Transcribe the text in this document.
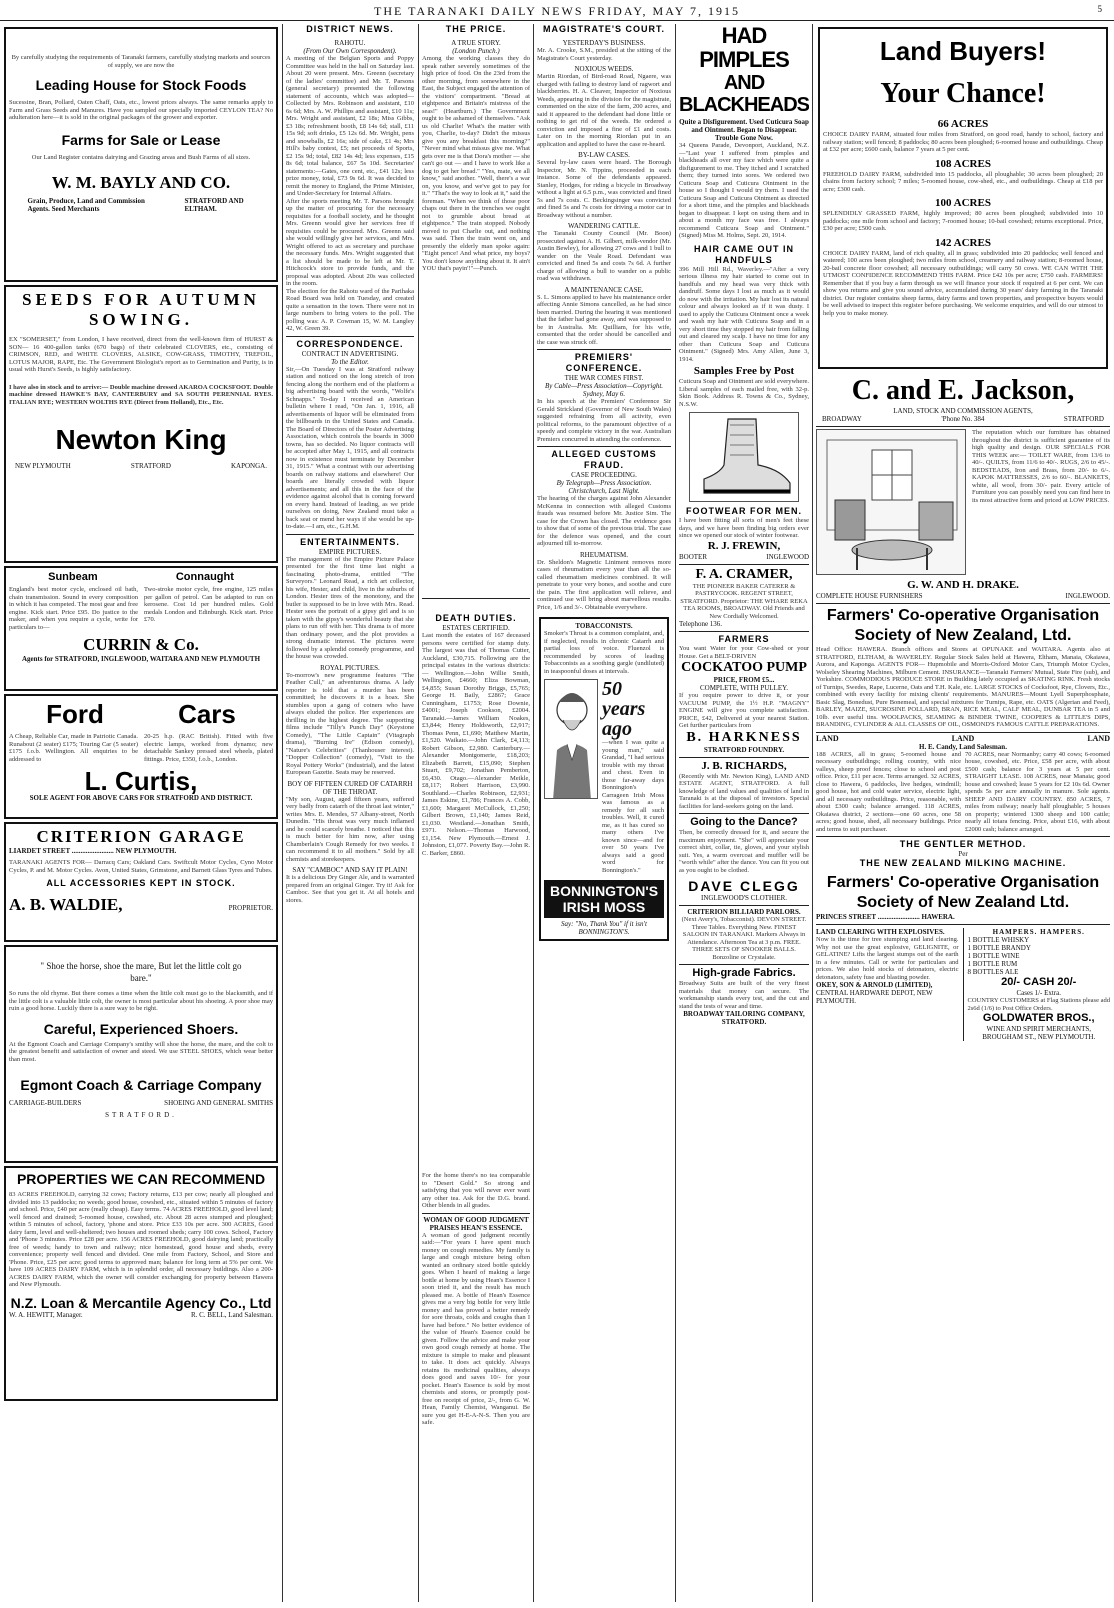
THE TARANAKI DAILY NEWS FRIDAY, MAY 7, 1915	5

By carefully studying the requirements of Taranaki farmers, carefully studying markets and sources of supply, we are now the

Leading House for Stock Foods

Sucessine, Bran, Pollard, Oaten Chaff, Oats, etc., lowest prices always. The same remarks apply to Farm and Grass Seeds and Manures. Have you sampled our specially imported CEYLON TEA? No adulteration here—it is sold in the original packages of the grower and exporter.

Farms for Sale or Lease

Our Land Register contains dairying and Grazing areas and Bush Farms of all sizes.

W. M. BAYLY AND CO.
Grain, Produce, Land and Commission Agents. Seed Merchants
STRATFORD AND ELTHAM.
SEEDS FOR AUTUMN SOWING.

EX "SOMERSET," from London, I have received, direct from the well-known firm of HURST & SON— 16 400-gallon tanks (670 bags) of their celebrated CLOVERS, etc., consisting of CRIMSON, RED, and WHITE CLOVERS, ALSIKE, COW-GRASS, TIMOTHY, TREFOIL, LOTUS MAJOR, RAPE, Etc. The Government Biologist's report as to Germination and Purity, is in usual with Hurst's Seeds, is highly satisfactory.

I have also in stock and to arrive:— Double machine dressed AKAROA COCKSFOOT. Double machine dressed HAWKE'S BAY, CANTERBURY and SA SOUTH PERENNIAL RYES. ITALIAN RYE; WESTERN WOLTHS RYE (Direct from Holland), Etc., Etc.

Newton King
NEW PLYMOUTH	STRATFORD	KAPONGA.
Sunbeam	Connaught

England's best motor cycle, enclosed oil bath, chain transmission. Sound in every composition in which it has competed. The most gear and free engine. Kick start. Price £95. Do justice to the maker, and when you require a cycle, write for particulars to—

Two-stroke motor cycle, free engine, 125 miles per gallon of petrol. Can be adapted to run on kerosene. Cost 1d per hundred miles. Gold medals London and Edinburgh. Kick start. Price £70.

CURRIN & Co.
Agents for STRATFORD, INGLEWOOD, WAITARA AND NEW PLYMOUTH
Ford	Cars

A Cheap, Reliable Car, made in Patriotic Canada. Runabout (2 seater) £175; Touring Car (5 seater) £175 f.o.b. Wellington. All enquiries to be addressed to

20-25 h.p. (RAC British). Fitted with five electric lamps, worked from dynamo; new detachable Sankey pressed steel wheels, plated fittings. Price, £350, f.o.b., London.

L. Curtis,
SOLE AGENT FOR ABOVE CARS FOR STRATFORD AND DISTRICT.
CRITERION GARAGE
LIARDET STREET ........................ NEW PLYMOUTH.

TARANAKI AGENTS FOR— Darracq Cars; Oakland Cars. Swiftcult Motor Cycles, Cyno Motor Cycles, P. and M. Motor Cycles. Avon, United States, Grimstone, and Barnett Glass Tyres and Tubes.

ALL ACCESSORIES KEPT IN STOCK.
A. B. WALDIE,	PROPRIETOR.
" Shoe the horse, shoe the mare, But let the little colt go bare."

So runs the old rhyme. But there comes a time when the little colt must go to the blacksmith, and if the little colt is a valuable little colt, the owner is most particular about his shoeing. A poor shoe may ruin a good horse. Luckily there is a sure way to be right.

Careful, Experienced Shoers.

At the Egmont Coach and Carriage Company's smithy will shoe the horse, the mare, and the colt to the greatest benefit and satisfaction of owner and steed. We use STEEL SHOES, which wear better than most.

Egmont Coach & Carriage Company
CARRIAGE-BUILDERS	SHOEING AND GENERAL SMITHS
STRATFORD.
PROPERTIES WE CAN RECOMMEND

83 ACRES FREEHOLD, carrying 32 cows; Factory returns, £13 per cow; nearly all ploughed and divided into 13 paddocks; no weeds; good house, cowshed, etc., situated within 5 minutes of factory and school. Price, £40 per acre (really cheap). Easy terms. 74 ACRES FREEHOLD, good level land; well fenced and drained; 5-roomed house, cowshed, etc. About 28 acres stumped and ploughed; within 5 minutes of school, factory, 'phone and store. Price £33 10s per acre. 300 ACRES, Good dairy farm, level and well-sheltered; two houses and roomed sheds; carry 100 cows. School, Factory and 'Phone 3 minutes. Price £28 per acre. 156 ACRES FREEHOLD, good dairying land; practically free of weeds; handy to town and railway; nice homestead, good house and sheds, every convenience; property well fenced and divided. One mile from Factory, School, and Store and 'Phone. Price, £25 per acre; good terms to approved man; balance for long term at 5% per cent. We have 109 ACRES DAIRY FARM, which is in splendid order, all necessary buildings. Also a 200-ACRES DAIRY FARM, which the owner will consider exchanging for property between Hawera and New Plymouth.

N.Z. Loan & Mercantile Agency Co., Ltd
W. A. HEWITT, Manager.	R. C. BELL, Land Salesman.
DISTRICT NEWS.
RAHOTU.
(From Our Own Correspondent).

A meeting of the Belgian Sports and Poppy Committee was held in the hall on Saturday last. About 20 were present. Mrs. Greenn (secretary of the ladies' committee) and Mr. T. Parsons (general secretary) presented the following statement of accounts, which was adopted—Collected by Mrs. Robinson and assistant, £10 6s 6d; Mrs. A. W. Phillips and assistant, £10 11s; Mrs. Wright and assistant, £2 18s; Miss Gibbs, £3 18s; refreshment booth, £8 14s 6d; stall, £11 15s 9d; soft drinks, £5 12s 6d. Mr. Wright, pens and snowballs, £2 16s; side of cake, £1 4s; Mrs Hill's baby contest, £5; net proceeds of Sports, £2 15s 9d; total, £82 14s 4d; less expenses, £15 8s 6d; total balance, £67 5s 10d. Secretaries' statements:—Gates, one cent, etc., £41 12s; less prize money, total, £73 9s 6d. It was decided to remit the money to England, the Prime Minister, and Under-Secretary for Internal Affairs.

After the sports meeting Mr. T. Parsons brought up the matter of procuring for the necessary requisites for a football society, and he thought Mrs. Greenn would give her services free if requisites could be procured. Mrs. Greenn said she would willingly give her services, and Mrs. Wright offered to act as secretary and purchase the necessary funds. Mrs. Wright suggested that a list should be made to be left at Mr. T. Hitchcock's store to provide funds, and the proposal was adopted. About 20s was collected in the room.

The election for the Rahotu ward of the Parihaka Road Board was held on Tuesday, and created quite a sensation in the town. There were not in large numbers to bring voters to the poll. The polling was: A. P. Cowman 15, W. M. Langley 42, W. Green 39.

CORRESPONDENCE.
CONTRACT IN ADVERTISING.
To the Editor.

Sir,—On Tuesday I was at Stratford railway station and noticed on the long stretch of iron fencing along the northern end of the platform a big advertising board with the words, "Wolfe's Schnapps." To-day I received an American bulletin where I read, "On Jan. 1, 1916, all advertisements of liquor will be eliminated from the billboards in the United States and Canada. The Board of Directors of the Poster Advertising Association, which controls the boards in 3000 towns, has so decided. No liquor contracts will be accepted after May 1, 1915, and all contracts now in existence must terminate by December 31, 1915." What a contrast with our advertising boards on railway stations and elsewhere! Our boards are literally crowded with liquor advertisements; and all this in the face of the evidence against alcohol that is coming forward on every hand. Instead of leading, as we pride ourselves on doing, New Zealand must take a back seat or mend her ways if she would be up-to-date.—I am, etc., G.H.M.

ENTERTAINMENTS.
EMPIRE PICTURES.

The management of the Empire Picture Palace presented for the first time last night a fascinating photo-drama, entitled "The Surveyors." Leonard Read, a rich art collector, his wife, Hester, and child, live in the suburbs of London. Hester tires of the monotony, and the butler is supposed to be in love with Mrs. Read. Hester sees the portrait of a gipsy girl and is so taken with the gipsy's wonderful beauty that she plans to run off with her. This drama is of more than ordinary power, and the plot provides a strong dramatic interest. The pictures were followed by a splendid comedy programme, and the house was crowded.

ROYAL PICTURES.

To-morrow's new programme features "The Feather Cull," an adventurous drama. A lady reporter is told that a murder has been committed; he discovers it is a hoax. She stumbles upon a gang of coiners who have always eluded the police. Her experiences are thrilling in the highest degree. The supporting films include "Tilly's Punch Day" (Keystone Comedy), "The Little Captain" (Vitagraph drama), "Burning Ire" (Edison comedy), "Nature's Celebrities" (Thanhouser interest). "Dopper Collection" (comedy), "Visit to the Royal Pottery Works" (industrial), and the latest European Gazette. Seats may be reserved.

BOY OF FIFTEEN CURED OF CATARRH OF THE THROAT.

"My son, August, aged fifteen years, suffered very badly from catarrh of the throat last winter," writes Mrs. E. Mendes, 57 Albany-street, North Dunedin. "His throat was very much inflamed and he could scarcely breathe. I noticed that this is much better for him now, after using Chamberlain's Cough Remedy for two weeks. I can recommend it to all mothers." Sold by all chemists and storekeepers.

SAY "CAMBOC" AND SAY IT PLAIN!

It is a delicious Dry Ginger Ale, and is warranted prepared from an original Ginger. Try it! Ask for Camboc. See that you get it. At all hotels and stores.

THE PRICE.
A TRUE STORY.
(London Punch.)

Among the working classes they do speak rather severely sometimes of the high price of food. On the 23rd from the other morning, from somewhere in the East, the Subject engaged the attention of the visitors' compartment. "Bread at eightpence and Britain's mistress of the seas!" (Heartburn.) The Government ought to be ashamed of themselves. "Ask us old Charlie! What's the matter with you, Charlie, to-day? Didn't the missus give you any breakfast this morning?" "Never mind what missus give me. What gets over me is that Dora's mother — she can't go out — and I have to work like a dog to get her bread." "Yes, mate, we all know," said another. "Well, there's a war on, you know, and we've got to pay for it." "That's the way to look at it," said the foreman. "When we think of those poor chaps out there in the trenches we ought not to grumble about bread at eightpence." The train stopped. Nobody moved to put Charlie out, and nothing was said. Then the train went on, and presently the elderly man spoke again: "Eight pence! And what price, my boys? You don't know anything about it. It ain't YOU that's payin'!"—Punch.

DEATH DUTIES.
ESTATES CERTIFIED.

Last month the estates of 167 deceased persons were certified for stamp duty. The largest was that of Thomas Cutter, Auckland, £30,715. Following are the principal estates in the various districts:— Wellington.—John Willie Smith, Wellington, £4660; Eliza Bowman, £4,855; Susan Dorothy Briggs, £5,765; George H. Baily, £2867; Grace Cunningham, £1753; Rose Downie, £4001; Joseph Cookson, £2004. Taranaki.—James William Noakes, £3,844; Henry Holdsworth, £2,917; Thomas Penn, £1,690; Matthew Martin, £1,520. Waikato.—John Clark, £4,113; Robert Gibson, £2,980. Canterbury.—Alexander Montgomerie, £18,203; Elizabeth Barrett, £15,090; Stephen Stuart, £9,702; Jonathan Pemberton, £6,430. Otago.—Alexander Meikle, £8,117; Robert Harrison, £3,990. Southland.—Charles Robinson, £2,931; James Eskine, £1,786; Frances A. Cobb, £1,600; Margaret McCullock, £1,250; Gilbert Brown, £1,140; James Reid, £1,030. Westland.—Jonathan Smith, £971. Nelson.—Thomas Harwood, £1,154. New Plymouth.—Ernest J. Johnston, £1,077. Poverty Bay.—John R. C. Barker, £860.

For the home there's no tea comparable to "Desert Gold." So strong and satisfying that you will never ever want any other tea. Ask for the D.G. brand. Other blends in all grades.

WOMAN OF GOOD JUDGMENT PRAISES HEAN'S ESSENCE.

A woman of good judgment recently said:—"For years I have spent much money on cough remedies. My family is large and cough mixture being often wanted an ordinary sized bottle quickly goes. When I heard of making a large bottle at home by using Hean's Essence I soon tried it, and the result has much pleased me. A bottle of Hean's Essence gives me a very big bottle for very little money and has proved a better remedy for sore throats, colds and coughs than I have had before." No better evidence of the value of Hean's Essence could be given. Follow the advice and make your own good cough remedy at home. The mixture is simple to make and pleasant to take. It does act quickly. Always retains its medicinal qualities, always does good and saves 10/- for your pocket. Hean's Essence is sold by most chemists and stores, or promptly post-free on receipt of price, 2/-, from G. W. Hean, Family Chemist, Wanganui. Be sure you get H-E-A-N-S. Then you are safe.

MAGISTRATE'S COURT.
YESTERDAY'S BUSINESS.

Mr. A. Crooke, S.M., presided at the sitting of the Magistrate's Court yesterday.

NOXIOUS WEEDS.

Martin Riordan, of Bird-road Road, Ngaere, was charged with failing to destroy land of ragwort and blackberries. H. A. Cleaver, Inspector of Noxious Weeds, appearing in the division for the magistrate, commented on the size of the farm, 200 acres, and said it appeared to the defendant had done little or nothing to get rid of the weeds. He ordered a conviction and imposed a fine of £1 and costs. Later on in the morning Riordan put in an application and applied to have the case re-heard.

BY-LAW CASES.

Several by-law cases were heard. The Borough Inspector, Mr. N. Tippins, proceeded in each instance. Some of the defendants appeared. Stanley, Hodges, for riding a bicycle in Broadway without a light at 6.5 p.m., was convicted and fined 5s and 7s costs. C. Beckingsinger was convicted and fined 5s and 7s costs for driving a motor car in Broadway without a number.

WANDERING CATTLE.

The Taranaki County Council (Mr. Boon) prosecuted against A. H. Gilbert, milk-vendor (Mr. Austin Bewley), for allowing 27 cows and 1 bull to wander on the Veale Road. Defendant was convicted and fined 5s and costs 7s 6d. A further charge of allowing a bull to wander on a public road was withdrawn.

A MAINTENANCE CASE.

S. L. Simons applied to have his maintenance order affecting Annie Simons cancelled, as he had since been married. During the hearing it was mentioned that the father had gone away, and was supposed to be in Australia. Mr. Quilliam, for his wife, consented that the order should be cancelled and the case was struck off.

PREMIERS' CONFERENCE.
THE WAR COMES FIRST.
By Cable—Press Association—Copyright. Sydney, May 6.

In his speech at the Premiers' Conference Sir Gerald Strickland (Governor of New South Wales) suggested refraining from all activity, even political reforms, to the paramount objective of a speedy and complete victory in the war. Australian Premiers concurred in attending the conference.

ALLEGED CUSTOMS FRAUD.
CASE PROCEEDING.
By Telegraph—Press Association. Christchurch, Last Night.

The hearing of the charges against John Alexander McKenna in connection with alleged Customs frauds was resumed before Mr. Justice Sim. The case for the Crown has closed. The evidence goes to show that of some of the previous trial. The case for the defence was opened, and the court adjourned till to-morrow.

RHEUMATISM.

Dr. Sheldon's Magnetic Liniment removes more cases of rheumatism every year than all the so-called rheumatism medicines combined. It will penetrate to your very bones, and soothe and cure the pain. The first application will relieve, and continued use will bring about marvellous results. Price, 1/6 and 3/-. Obtainable everywhere.

TOBACCONISTS.

Smoker's Throat is a common complaint, and, if neglected, results in chronic Catarrh and partial loss of voice. Fluenzol is recommended by scores of leading Tobacconists as a soothing gargle (undiluted) in teaspoonful doses at intervals.

50 years ago

—when I was quite a young man," said Grandad, "I had serious trouble with my throat and chest. Even in those far-away days Bonnington's Carrageen Irish Moss was famous as a remedy for all such troubles. Well, it cured me, as it has cured so many others I've known since—and for over 50 years I've always said a good word for Bonnington's."

BONNINGTON'S IRISH MOSS
Say: "No, Thank You" if it isn't BONNINGTON'S.
HAD PIMPLES
AND BLACKHEADS
Quite a Disfigurement. Used Cuticura Soap and Ointment. Began to Disappear. Trouble Gone Now.

34 Queens Parade, Devonport, Auckland, N.Z.—"Last year I suffered from pimples and blackheads all over my face which were quite a disfigurement to me. They itched and I scratched them; they turned into sores. We ordered two Cuticura Soap and Cuticura Ointment in the house so I thought I would try them. I used the Cuticura Soap and Cuticura Ointment as directed for a short time, and the pimples and blackheads began to disappear. I kept on using them and in about a month my face was free. I always recommend Cuticura Soap and Ointment." (Signed) Miss M. Holms, Sept. 20, 1914.

HAIR CAME OUT IN HANDFULS

396 Mill Hill Rd., Waverley.—"After a very serious illness my hair started to come out in handfuls and my head was very thick with dandruff. Some days I lost as much as it would do now with the irritation. My hair lost its natural colour and always looked as if it was dusty. I used to apply the Cuticura Ointment once a week and wash my hair with Cuticura Soap and in a very short time they stopped my hair from falling out and cleared my scalp. I have no time for any other than Cuticura Soap and Cuticura Ointment." (Signed) Mrs. Amy Allen, June 3, 1914.

Samples Free by Post

Cuticura Soap and Ointment are sold everywhere. Liberal samples of each mailed free, with 32-p. Skin Book. Address R. Towns & Co., Sydney, N.S.W.

FOOTWEAR FOR MEN.

I have been fitting all sorts of men's feet these days, and we have been finding big orders ever since we opened our stock of winter footwear.

R. J. FREWIN,
BOOTER	INGLEWOOD
F. A. CRAMER,

THE PIONEER BAKER CATERER & PASTRYCOOK. REGENT STREET, STRATFORD. Proprietor: THE WHARE REKA TEA ROOMS, BROADWAY. Old Friends and New Cordially Welcomed.

Telephone 136.
FARMERS

You want Water for your Cow-shed or your House. Get a BELT-DRIVEN

COCKATOO PUMP
PRICE, FROM £5...
COMPLETE, WITH PULLEY.

If you require power to drive it, or your VACUUM PUMP, the 1½ H.P. "MAGNY" ENGINE will give you complete satisfaction. PRICE, £42, Delivered at your nearest Station. Get further particulars from

B. HARKNESS
STRATFORD FOUNDRY.
J. B. RICHARDS,

(Recently with Mr. Newton King), LAND AND ESTATE AGENT, STRATFORD. A full knowledge of land values and qualities of land in Taranaki is at the disposal of investors. Special facilities for land-seekers going on the land.

Going to the Dance?

Then, be correctly dressed for it, and secure the maximum enjoyment. "She" will appreciate your correct shirt, collar, tie, gloves, and your stylish suit. Yes, a warm overcoat and muffler will be "worth while" after the dance. You can fit you out as you ought to be clothed.

DAVE CLEGG
INGLEWOOD'S CLOTHIER.
CRITERION BILLIARD PARLORS.

(Next Avery's, Tobacconist). DEVON STREET. Three Tables. Everything New. FINEST SALOON IN TARANAKI. Markers Always in Attendance. Afternoon Tea at 3 p.m. FREE. THREE SETS OF SNOOKER BALLS. Bonzoline or Crystalate.

High-grade Fabrics.

Broadway Suits are built of the very finest materials that money can secure. The workmanship stands every test, and the cut and stand the tests of wear and time.

BROADWAY TAILORING COMPANY, STRATFORD.
Land Buyers!
Your Chance!
66 ACRES

CHOICE DAIRY FARM, situated four miles from Stratford, on good road, handy to school, factory and railway station; well fenced; 8 paddocks; 80 acres been ploughed; 6-roomed house and outbuildings. Cheap at £32 per acre; £600 cash, balance 7 years at 5 per cent.

108 ACRES

FREEHOLD DAIRY FARM, subdivided into 15 paddocks, all ploughable; 30 acres been ploughed; 20 chains from factory school; 7 miles; 5-roomed house, cow-shed, etc., and outbuildings. Cheap at £18 per acre; £300 cash.

100 ACRES

SPLENDIDLY GRASSED FARM, highly improved; 80 acres been ploughed; subdivided into 10 paddocks; one mile from school and factory; 7-roomed house; 10-bail cowshed; returns exceptional. Price, £30 per acre; £500 cash.

142 ACRES

CHOICE DAIRY FARM, land of rich quality, all in grass; subdivided into 20 paddocks; well fenced and watered; 100 acres been ploughed; two miles from school, creamery and railway station; 8-roomed house, 20-bail concrete floor cowshed; all necessary outbuildings; will carry 50 cows. WE CAN WITH THE UTMOST CONFIDENCE RECOMMEND THIS FARM. Price £42 10s per acre; £750 cash. FARMERS! Remember that if you buy a farm through us we will finance your stock if required at 6 per cent. We can show you returns and give you sound advice, accumulated during 30 years' dairy farming in the Taranaki district. Our register contains sheep farms, dairy farms and town properties, and prospective buyers would be well advised to inspect this register before purchasing. We welcome enquiries, and will do our utmost to help you to make money.

C. and E. Jackson,
LAND, STOCK AND COMMISSION AGENTS,
BROADWAY	'Phone No. 384	STRATFORD

The reputation which our furniture has obtained throughout the district is sufficient guarantee of its high quality and design. OUR SPECIALS FOR THIS WEEK are:— TOILET WARE, from 13/6 to 40/-. QUILTS, from 11/6 to 40/-. RUGS, 2/6 to 45/-. BEDSTEADS, Iron and Brass, from 20/- to 6/-. KAPOK MATTRESSES, 2/6 to 60/-. BLANKETS, white, all wool, from 30/- pair. Every article of Furniture you can possibly need you can find here in its most attractive form and priced at LOW PRICES.

G. W. AND H. DRAKE.
COMPLETE HOUSE FURNISHERS	INGLEWOOD.
Farmers' Co-operative Organisation Society of New Zealand, Ltd.

Head Office: HAWERA. Branch offices and Stores at OPUNAKE and WAITARA. Agents also at STRATFORD, ELTHAM, & WAVERLEY. Regular Stock Sales held at Hawera, Eltham, Manaia, Okaiawa, Aurora, and Kaponga. AGENTS FOR— Hupmobile and Morris-Oxford Motor Cars, Triumph Motor Cycles, Wolseley Shearing Machines, Milburn Cement. INSURANCE—Taranaki Farmers' Mutual, State Fire (sub), and Yorkshire. COMMODIOUS PRODUCE STORE in Building lately occupied as SKATING RINK. Fresh stocks of Turnips, Swedes, Rape, Lucerne, Oats and T.H. Kale, etc. LARGE STOCKS of Cocksfoot, Rye, Clovers, Etc., combined with every facility for mixing clients' requirements. MANURES—Mount Lyell Superphosphate, Basic Slag, Bonedust, Pure Bonemeal, and special mixtures for Turnips, Rape, etc. OATS (Algerian and Feed), BARLEY, MAIZE, SUCROSINE POLLARD, BRAN, RICE MEAL, CALF MEAL, DUNBAR TEA in 5 and 10lb. ever useful tins. WOOLPACKS, SEAMING & BINDER TWINE, COOPER'S & LITTLE'S DIPS, BRANDING, CYLINDER & ALL CLASSES OF OIL, OSMOND'S FAMOUS CATTLE PREPARATIONS.

LAND	LAND	LAND
H. E. Candy, Land Salesman.

188 ACRES, all in grass; 5-roomed house and necessary outbuildings; rolling country, with nice valleys, sheep proof fences; close to school and post office. Price, £11 per acre. Terms arranged. 32 ACRES, close to Hawera, 6 paddocks, live hedges, windmill; good house, hot and cold water service, electric light, and all necessary outbuildings. Price, reasonable, with about £300 cash; balance arranged. 118 ACRES, Okaiawa district, 2 sections—one 60 acres, one 58 acres; good house, shed, all necessary buildings. Price and terms to suit purchaser.

70 ACRES, near Normanby; carry 40 cows; 6-roomed house, cowshed, etc. Price, £58 per acre, with about £500 cash; balance for 3 years at 5 per cent. STRAIGHT LEASE. 108 ACRES, near Manaia; good house and cowshed; lease 5 years for £2 10s 6d. Owner spends 5s per acre annually in manure. Sole agents. SHEEP AND DAIRY COUNTRY. 850 ACRES, 7 miles from railway; nearly half ploughable; 5 houses on property; wintered 1300 sheep and 100 cattle; nearly all totara fencing. Price, about £16, with about £2000 cash; balance arranged.

THE GENTLER METHOD.
Per
THE NEW ZEALAND MILKING MACHINE.
Farmers' Co-operative Organisation Society of New Zealand Ltd.
PRINCES STREET ........................ HAWERA.
LAND CLEARING WITH EXPLOSIVES.

Now is the time for tree stumping and land clearing. Why not use the great explosive, GELIGNITE, or GELATINE? Lifts the largest stumps out of the earth in a few minutes. Call or write for particulars and prices. We also hold stocks of detonators, electric detonators, safety fuse and blasting powder.

OKEY, SON & ARNOLD (LIMITED),
CENTRAL HARDWARE DEPOT, NEW PLYMOUTH.
HAMPERS. HAMPERS.
1 BOTTLE WHISKY
1 BOTTLE BRANDY
1 BOTTLE WINE
1 BOTTLE RUM
8 BOTTLES ALE
20/- CASH 20/-
Cases 1/- Extra.

COUNTRY CUSTOMERS at Flag Stations please add 2s6d (1/6) to Post Office Orders.

GOLDWATER BROS.,
WINE AND SPIRIT MERCHANTS,
BROUGHAM ST., NEW PLYMOUTH.
